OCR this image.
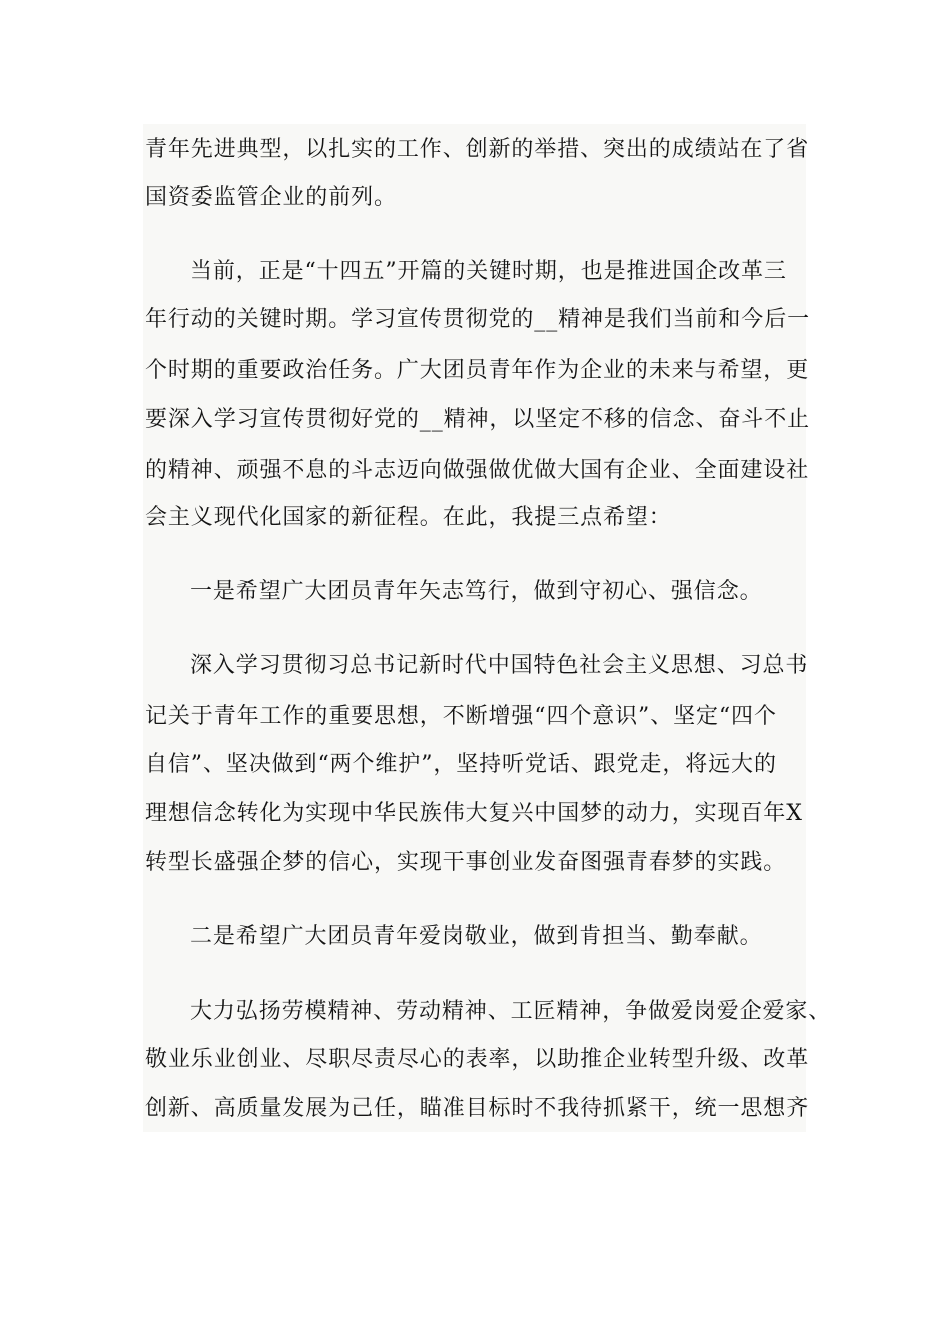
青年先进典型，以扎实的工作、创新的举措、突出的成绩站在了省
国资委监管企业的前列。
当前，正是“十四五”开篇的关键时期，也是推进国企改革三
年行动的关键时期。学习宣传贯彻党的__精神是我们当前和今后一
个时期的重要政治任务。广大团员青年作为企业的未来与希望，更
要深入学习宣传贯彻好党的__精神，以坚定不移的信念、奋斗不止
的精神、顽强不息的斗志迈向做强做优做大国有企业、全面建设社
会主义现代化国家的新征程。在此，我提三点希望：
一是希望广大团员青年矢志笃行，做到守初心、强信念。
深入学习贯彻习总书记新时代中国特色社会主义思想、习总书
记关于青年工作的重要思想，不断增强“四个意识”、坚定“四个
自信”、坚决做到“两个维护”，坚持听党话、跟党走，将远大的
理想信念转化为实现中华民族伟大复兴中国梦的动力，实现百年X
转型长盛强企梦的信心，实现干事创业发奋图强青春梦的实践。
二是希望广大团员青年爱岗敬业，做到肯担当、勤奉献。
大力弘扬劳模精神、劳动精神、工匠精神，争做爱岗爱企爱家、
敬业乐业创业、尽职尽责尽心的表率，以助推企业转型升级、改革
创新、高质量发展为己任，瞄准目标时不我待抓紧干，统一思想齐
